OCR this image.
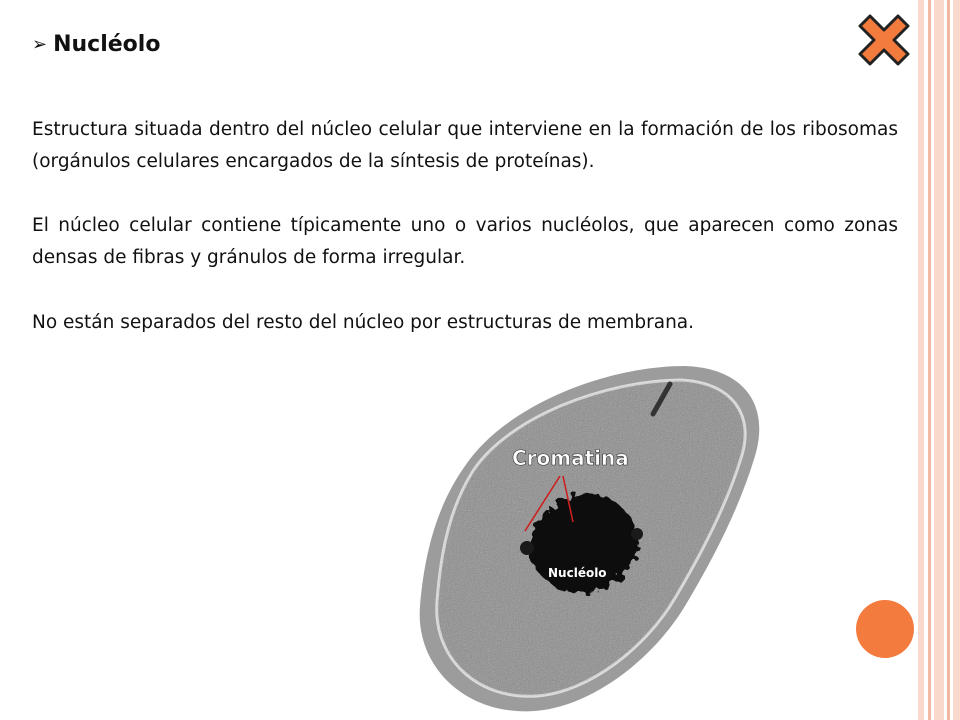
➢ Nucléolo
Estructura situada dentro del núcleo celular que interviene en la formación de los ribosomas (orgánulos celulares encargados de la síntesis de proteínas).
El núcleo celular contiene típicamente uno o varios nucléolos, que aparecen como zonas densas de fibras y gránulos de forma irregular.
No están separados del resto del núcleo por estructuras de membrana.
Cromatina
Nucléolo
